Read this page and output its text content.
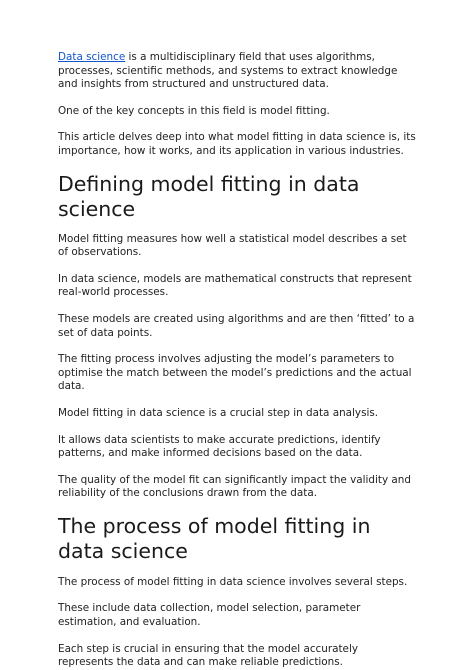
Data science is a multidisciplinary field that uses algorithms, processes, scientific methods, and systems to extract knowledge and insights from structured and unstructured data.

One of the key concepts in this field is model fitting.

This article delves deep into what model fitting in data science is, its importance, how it works, and its application in various industries.

Defining model fitting in data science

Model fitting measures how well a statistical model describes a set of observations.

In data science, models are mathematical constructs that represent real-world processes.

These models are created using algorithms and are then ‘fitted’ to a set of data points.

The fitting process involves adjusting the model’s parameters to optimise the match between the model’s predictions and the actual data.

Model fitting in data science is a crucial step in data analysis.

It allows data scientists to make accurate predictions, identify patterns, and make informed decisions based on the data.

The quality of the model fit can significantly impact the validity and reliability of the conclusions drawn from the data.

The process of model fitting in data science

The process of model fitting in data science involves several steps.

These include data collection, model selection, parameter estimation, and evaluation.

Each step is crucial in ensuring that the model accurately represents the data and can make reliable predictions.
